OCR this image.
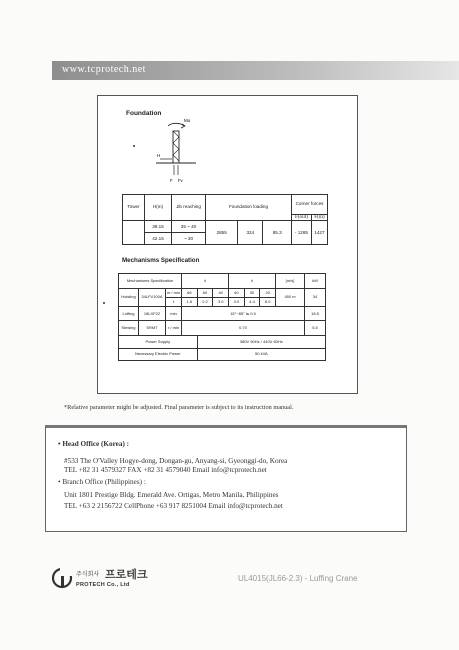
www.tcprotech.net
Foundation
Mo
H
F Fv
Tower	H(m)	Jib reaching	Foundation loading			Corner forces	
						F(out)	F(in)
	39.15	35 ~ 40	2855	324	85.3	- 1265	1427
	42.15	~ 30					
Mechanisms Specification
Mechanisms Specification			t			t			[m/s]	kW
Hoisting	34LFV100A	m / min	66	60	40	40	30	20	450 m	34
		t	1.6	2.2	3.0	3.0	4.4	6.0		
Luffing	18LXF22	min	15°~85° ≒ 0.9							18.5
Slewing	SRMT	r / min	0.70							5.5
Power Supply				380V 50Hz / 440V 60Hz						
Necessary Electric Power				50 kVA						
*Relative parameter might be adjusted. Final parameter is subject to its instruction manual.
• Head Office (Korea) :
#533 The O'Valley Hogye-dong, Dongan-gu, Anyang-si, Gyeonggi-do, Korea
TEL +82 31 4579327 FAX +82 31 4579040 Email info@tcprotech.net
• Branch Office (Philippines) :
Unit 1801 Prestige Bldg. Emerald Ave. Ortigas, Metro Manila, Philippines
TEL +63 2 2156722 CellPhone +63 917 8251004 Email info@tcprotech.net
주식회사 프로테크
PROTECH Co., Ltd
UL4015(JL66-2.3) - Luffing Crane
